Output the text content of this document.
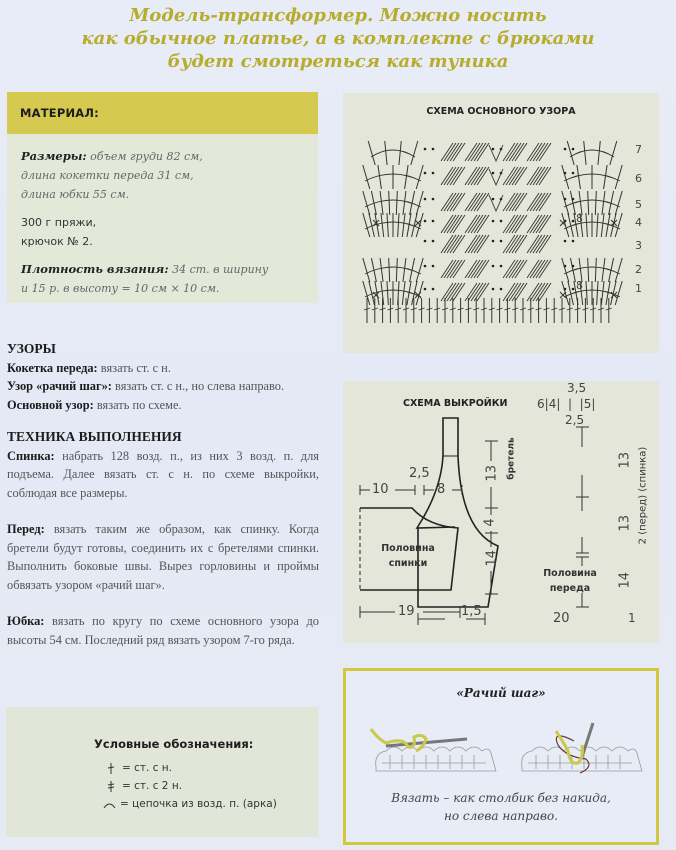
Модель-трансформер. Можно носить
как обычное платье, а в комплекте с брюками
будет смотреться как туника
МАТЕРИАЛ:
Размеры: объем груди 82 см,
длина кокетки переда 31 см,
длина юбки 55 см.
300 г пряжи,
крючок № 2.
Плотность вязания: 34 ст. в ширину
и 15 р. в высоту = 10 см × 10 см.
УЗОРЫ
Кокетка переда: вязать ст. с н.
Узор «рачий шаг»: вязать ст. с н., но слева направо.
Основной узор: вязать по схеме.
ТЕХНИКА ВЫПОЛНЕНИЯ
Спинка: набрать 128 возд. п., из них 3 возд. п. для подъема. Далее вязать ст. с н. по схеме выкройки, соблюдая все размеры.
Перед: вязать таким же образом, как спинку. Когда бретели будут готовы, соединить их с бретелями спинки. Выполнить боковые швы. Вырез горловины и проймы обвязать узором «рачий шаг».
Юбка: вязать по кругу по схеме основного узора до высоты 54 см. Последний ряд вязать узором 7-го ряда.
Условные обозначения:
= ст. с н.
= ст. с 2 н.
= цепочка из возд. п. (арка)
СХЕМА ОСНОВНОГО УЗОРА
7
6
5
4
3
2
1
8
8
СХЕМА ВЫКРОЙКИ
Половина
спинки
10
2,5
8
19	1,5
14
4
13 бретель
Половина
переда
3,5
6|4|  |  |5|
2,5
20	1
14
13
13 2 (перед) (спинка)
«Рачий шаг»
Вязать – как столбик без накида,
но слева направо.
